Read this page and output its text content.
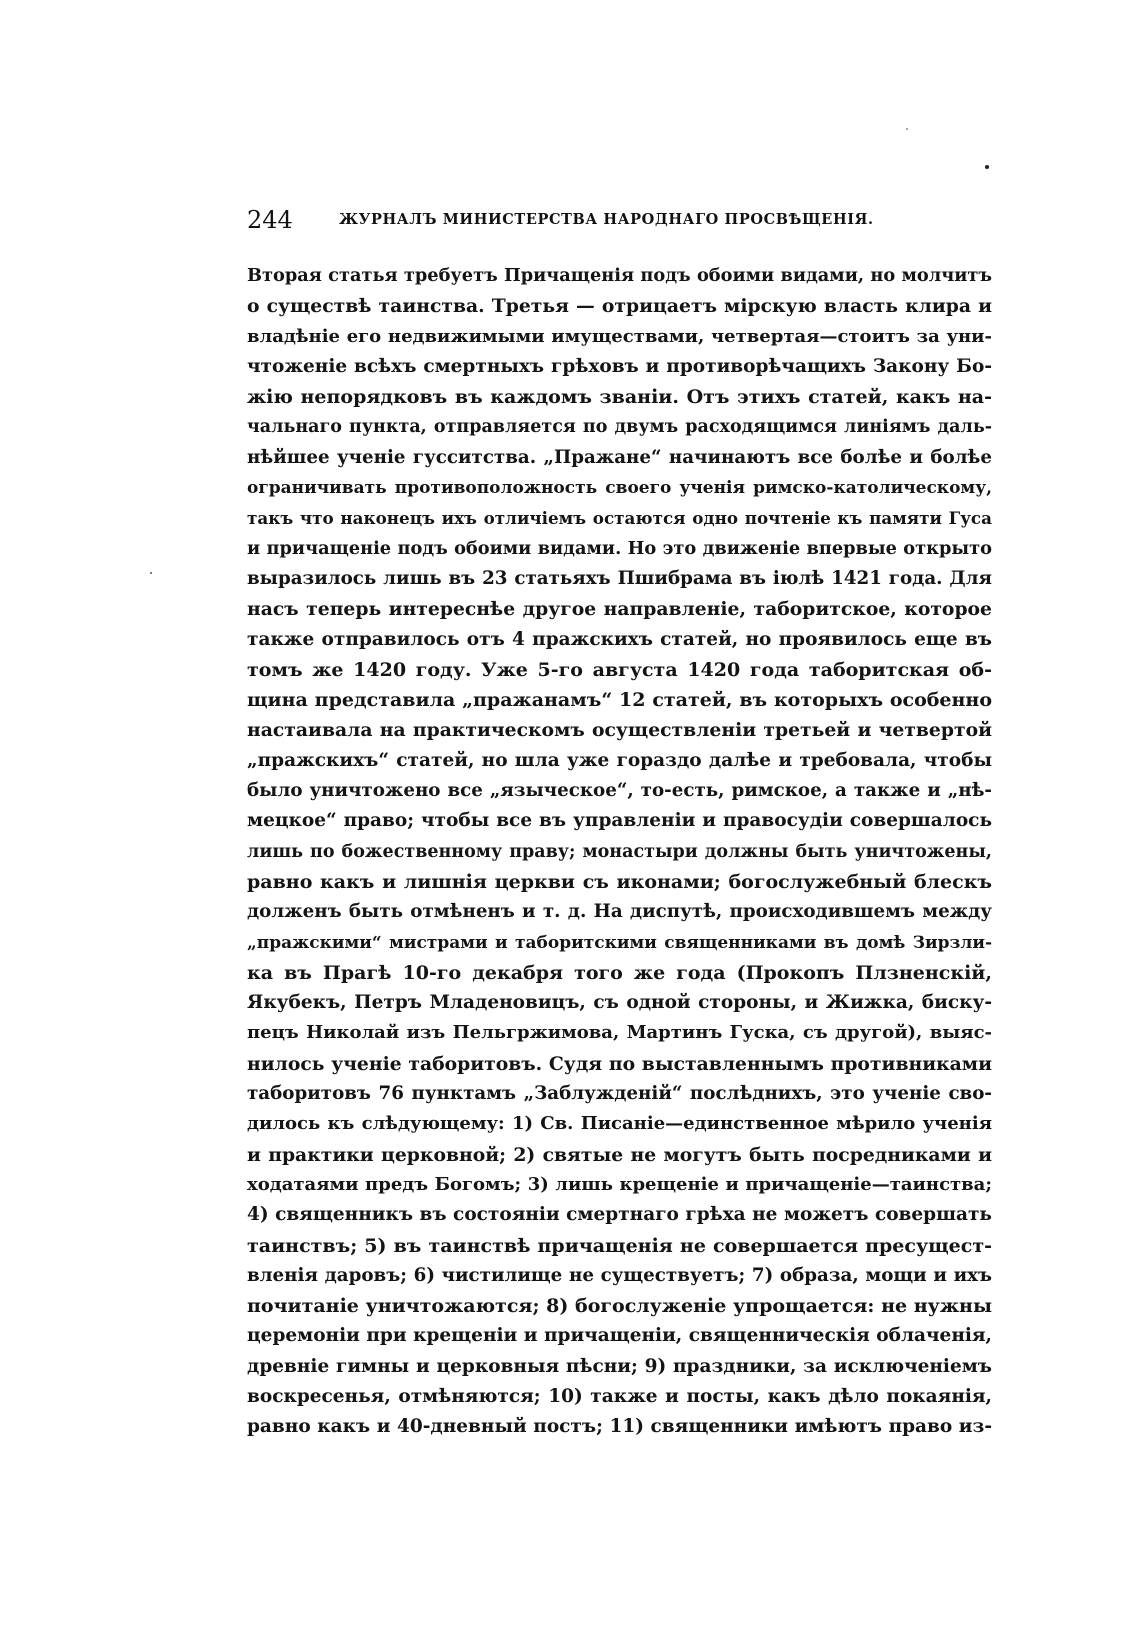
244	ЖУРНАЛЪ МИНИСТЕРСТВА НАРОДНАГО ПРОСВѢЩЕНІЯ.
Вторая статья требуетъ Причащенія подъ обоими видами, но молчитъ
о существѣ таинства. Третья — отрицаетъ мірскую власть клира и
владѣніе его недвижимыми имуществами, четвертая—стоитъ за уни-
чтоженіе всѣхъ смертныхъ грѣховъ и противорѣчащихъ Закону Бо-
жію непорядковъ въ каждомъ званіи. Отъ этихъ статей, какъ на-
чальнаго пункта, отправляется по двумъ расходящимся линіямъ даль-
нѣйшее ученіе гусситства. „Пражане“ начинаютъ все болѣе и болѣе
ограничивать противоположность своего ученія римско-католическому,
такъ что наконецъ ихъ отличіемъ остаются одно почтеніе къ памяти Гуса
и причащеніе подъ обоими видами. Но это движеніе впервые открыто
выразилось лишь въ 23 статьяхъ Пшибрама въ іюлѣ 1421 года. Для
насъ теперь интереснѣе другое направленіе, таборитское, которое
также отправилось отъ 4 пражскихъ статей, но проявилось еще въ
томъ же 1420 году. Уже 5-го августа 1420 года таборитская об-
щина представила „пражанамъ“ 12 статей, въ которыхъ особенно
настаивала на практическомъ осуществленіи третьей и четвертой
„пражскихъ“ статей, но шла уже гораздо далѣе и требовала, чтобы
было уничтожено все „языческое“, то-есть, римское, а также и „нѣ-
мецкое“ право; чтобы все въ управленіи и правосудіи совершалось
лишь по божественному праву; монастыри должны быть уничтожены,
равно какъ и лишнія церкви съ иконами; богослужебный блескъ
долженъ быть отмѣненъ и т. д. На диспутѣ, происходившемъ между
„пражскими“ мистрами и таборитскими священниками въ домѣ Зирзли-
ка въ Прагѣ 10-го декабря того же года (Прокопъ Плзненскій,
Якубекъ, Петръ Младеновицъ, съ одной стороны, и Жижка, биску-
пецъ Николай изъ Пельгржимова, Мартинъ Гуска, съ другой), выяс-
нилось ученіе таборитовъ. Судя по выставленнымъ противниками
таборитовъ 76 пунктамъ „Заблужденій“ послѣднихъ, это ученіе сво-
дилось къ слѣдующему: 1) Св. Писаніе—единственное мѣрило ученія
и практики церковной; 2) святые не могутъ быть посредниками и
ходатаями предъ Богомъ; 3) лишь крещеніе и причащеніе—таинства;
4) священникъ въ состояніи смертнаго грѣха не можетъ совершать
таинствъ; 5) въ таинствѣ причащенія не совершается пресущест-
вленія даровъ; 6) чистилище не существуетъ; 7) образа, мощи и ихъ
почитаніе уничтожаются; 8) богослуженіе упрощается: не нужны
церемоніи при крещеніи и причащеніи, священническія облаченія,
древніе гимны и церковныя пѣсни; 9) праздники, за исключеніемъ
воскресенья, отмѣняются; 10) также и посты, какъ дѣло покаянія,
равно какъ и 40-дневный постъ; 11) священники имѣютъ право из-
